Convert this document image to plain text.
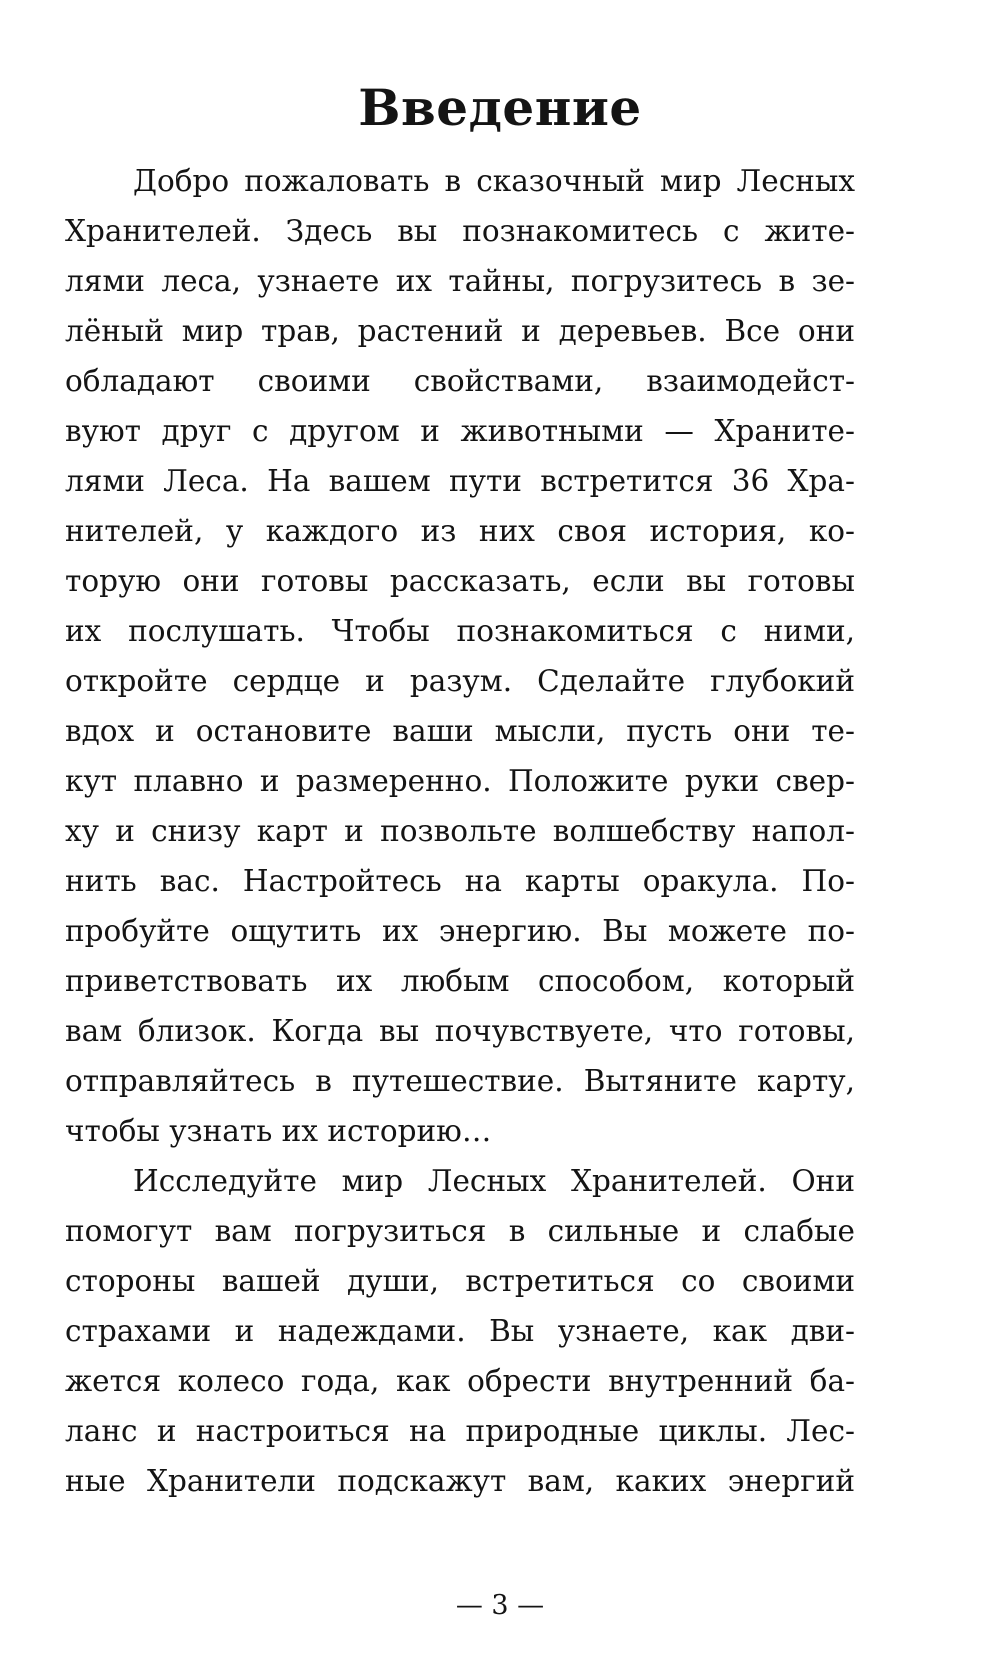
Введение

Добро пожаловать в сказочный мир Лесных
Хранителей. Здесь вы познакомитесь с жите-
лями леса, узнаете их тайны, погрузитесь в зе-
лёный мир трав, растений и деревьев. Все они
обладают своими свойствами, взаимодейст-
вуют друг с другом и животными — Храните-
лями Леса. На вашем пути встретится 36 Хра-
нителей, у каждого из них своя история, ко-
торую они готовы рассказать, если вы готовы
их послушать. Чтобы познакомиться с ними,
откройте сердце и разум. Сделайте глубокий
вдох и остановите ваши мысли, пусть они те-
кут плавно и размеренно. Положите руки свер-
ху и снизу карт и позвольте волшебству напол-
нить вас. Настройтесь на карты оракула. По-
пробуйте ощутить их энергию. Вы можете по-
приветствовать их любым способом, который
вам близок. Когда вы почувствуете, что готовы,
отправляйтесь в путешествие. Вытяните карту,
чтобы узнать их историю…

Исследуйте мир Лесных Хранителей. Они
помогут вам погрузиться в сильные и слабые
стороны вашей души, встретиться со своими
страхами и надеждами. Вы узнаете, как дви-
жется колесо года, как обрести внутренний ба-
ланс и настроиться на природные циклы. Лес-
ные Хранители подскажут вам, каких энергий

— 3 —
